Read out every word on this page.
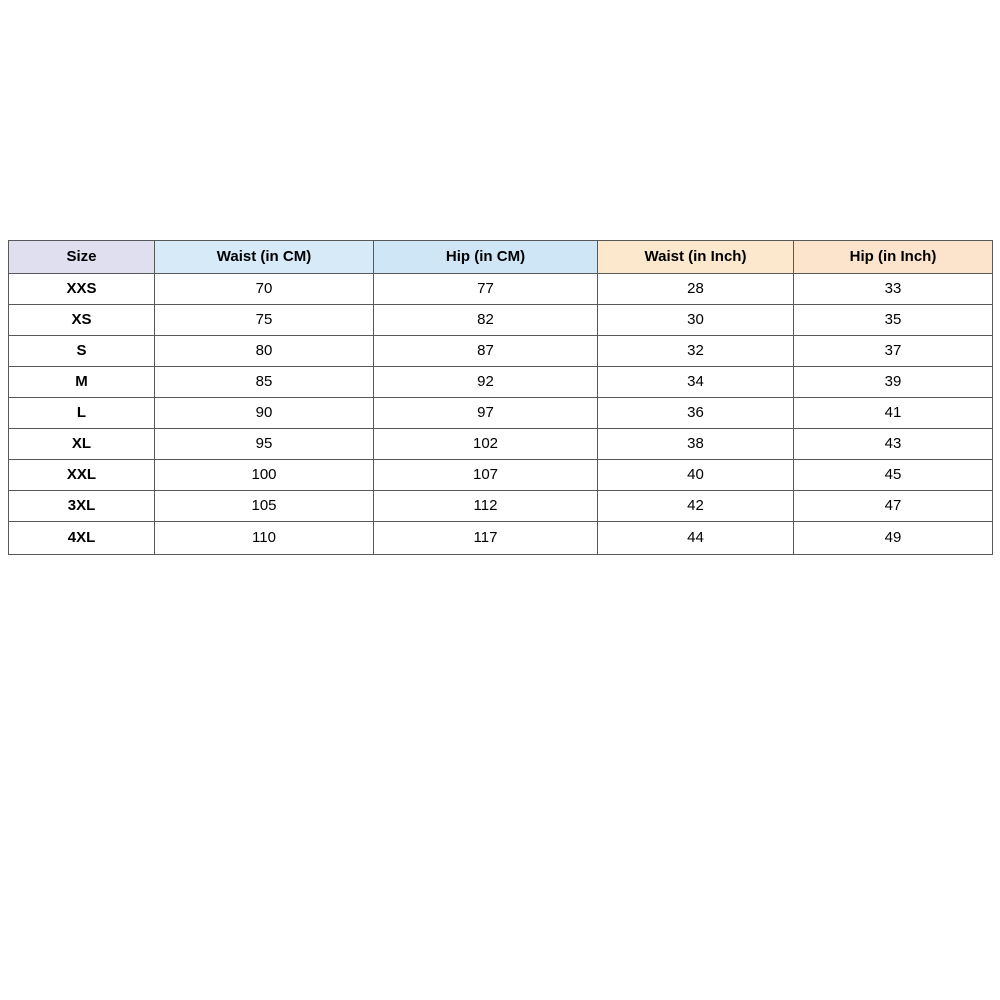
Size	Waist (in CM)	Hip (in CM)	Waist (in Inch)	Hip (in Inch)
XXS	70	77	28	33
XS	75	82	30	35
S	80	87	32	37
M	85	92	34	39
L	90	97	36	41
XL	95	102	38	43
XXL	100	107	40	45
3XL	105	112	42	47
4XL	110	117	44	49
